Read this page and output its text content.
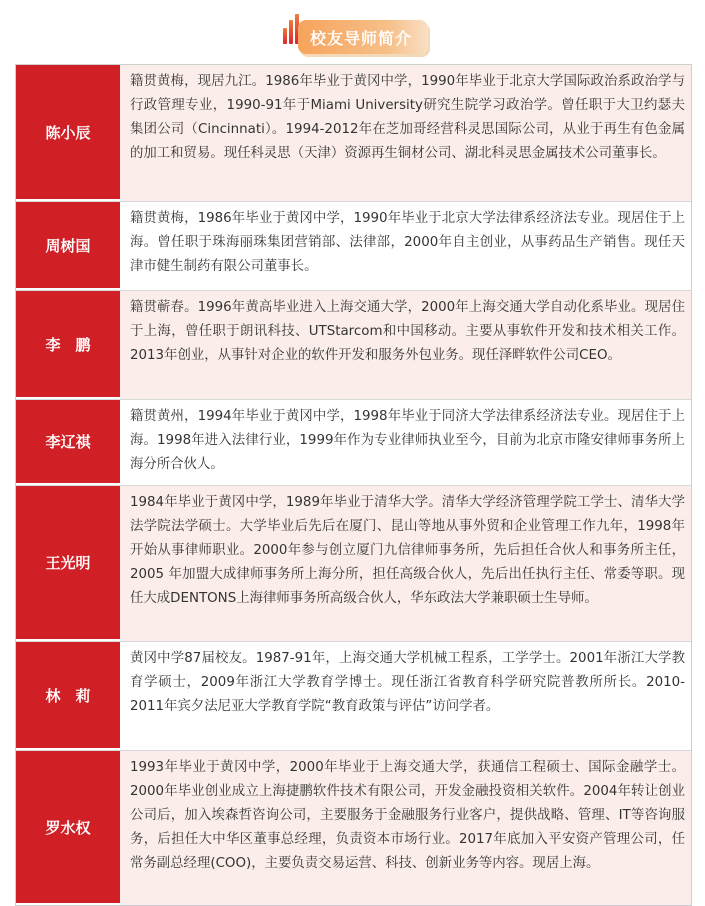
校友导师简介
陈小辰
籍贯黄梅，现居九江。1986年毕业于黄冈中学，1990年毕业于北京大学国际政治系政治学与行政管理专业，1990-91年于Miami University研究生院学习政治学。曾任职于大卫约瑟夫集团公司（Cincinnati）。1994-2012年在芝加哥经营科灵思国际公司，从业于再生有色金属的加工和贸易。现任科灵思（天津）资源再生铜材公司、湖北科灵思金属技术公司董事长。
周树国
籍贯黄梅，1986年毕业于黄冈中学，1990年毕业于北京大学法律系经济法专业。现居住于上海。曾任职于珠海丽珠集团营销部、法律部，2000年自主创业，从事药品生产销售。现任天津市健生制药有限公司董事长。
李　鹏
籍贯蕲春。1996年黄高毕业进入上海交通大学，2000年上海交通大学自动化系毕业。现居住于上海，曾任职于朗讯科技、UTStarcom和中国移动。主要从事软件开发和技术相关工作。2013年创业，从事针对企业的软件开发和服务外包业务。现任泽畔软件公司CEO。
李辽祺
籍贯黄州，1994年毕业于黄冈中学，1998年毕业于同济大学法律系经济法专业。现居住于上海。1998年进入法律行业，1999年作为专业律师执业至今，目前为北京市隆安律师事务所上海分所合伙人。
王光明
1984年毕业于黄冈中学，1989年毕业于清华大学。清华大学经济管理学院工学士、清华大学法学院法学硕士。大学毕业后先后在厦门、昆山等地从事外贸和企业管理工作九年，1998年开始从事律师职业。2000年参与创立厦门九信律师事务所，先后担任合伙人和事务所主任，2005 年加盟大成律师事务所上海分所，担任高级合伙人，先后出任执行主任、常委等职。现任大成DENTONS上海律师事务所高级合伙人，华东政法大学兼职硕士生导师。
林　莉
黄冈中学87届校友。1987-91年，上海交通大学机械工程系，工学学士。2001年浙江大学教育学硕士，2009年浙江大学教育学博士。现任浙江省教育科学研究院普教所所长。2010-2011年宾夕法尼亚大学教育学院“教育政策与评估”访问学者。
罗水权
1993年毕业于黄冈中学，2000年毕业于上海交通大学，获通信工程硕士、国际金融学士。2000年毕业创业成立上海捷鹏软件技术有限公司，开发金融投资相关软件。2004年转让创业公司后，加入埃森哲咨询公司，主要服务于金融服务行业客户，提供战略、管理、IT等咨询服务，后担任大中华区董事总经理，负责资本市场行业。2017年底加入平安资产管理公司，任常务副总经理(COO)，主要负责交易运营、科技、创新业务等内容。现居上海。
